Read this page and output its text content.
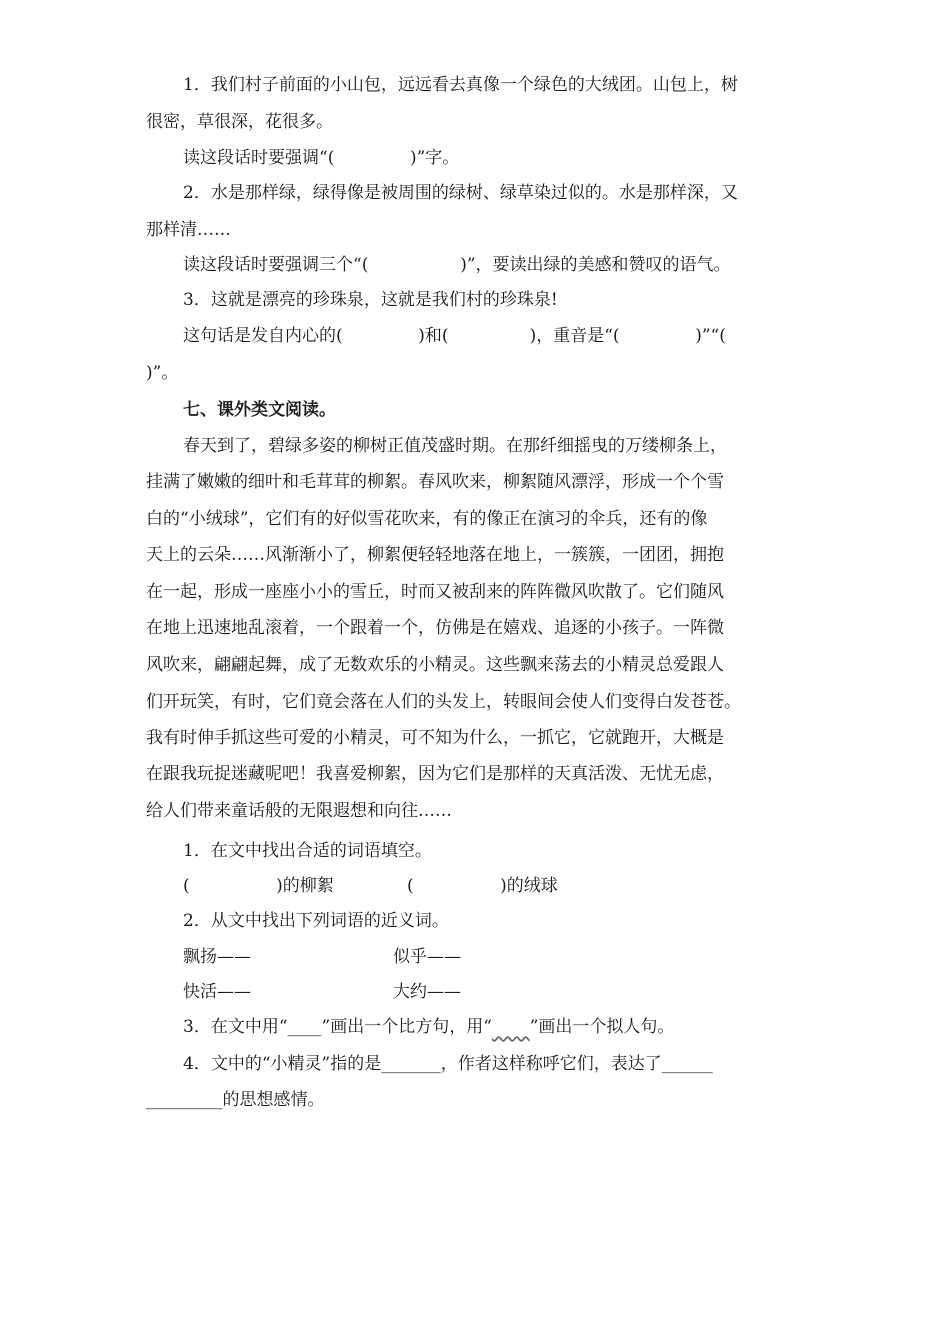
1．我们村子前面的小山包，远远看去真像一个绿色的大绒团。山包上，树
很密，草很深，花很多。
读这段话时要强调“(              )”字。
2．水是那样绿，绿得像是被周围的绿树、绿草染过似的。水是那样深，又
那样清……
读这段话时要强调三个“(                 )”，要读出绿的美感和赞叹的语气。
3．这就是漂亮的珍珠泉，这就是我们村的珍珠泉!
这句话是发自内心的(              )和(               )，重音是“(              )”“(
)”。
七、课外类文阅读。
春天到了，碧绿多姿的柳树正值茂盛时期。在那纤细摇曳的万缕柳条上，
挂满了嫩嫩的细叶和毛茸茸的柳絮。春风吹来，柳絮随风漂浮，形成一个个雪
白的“小绒球”，它们有的好似雪花吹来，有的像正在演习的伞兵，还有的像
天上的云朵……风渐渐小了，柳絮便轻轻地落在地上，一簇簇，一团团，拥抱
在一起，形成一座座小小的雪丘，时而又被刮来的阵阵微风吹散了。它们随风
在地上迅速地乱滚着，一个跟着一个，仿佛是在嬉戏、追逐的小孩子。一阵微
风吹来，翩翩起舞，成了无数欢乐的小精灵。这些飘来荡去的小精灵总爱跟人
们开玩笑，有时，它们竟会落在人们的头发上，转眼间会使人们变得白发苍苍。
我有时伸手抓这些可爱的小精灵，可不知为什么，一抓它，它就跑开，大概是
在跟我玩捉迷藏呢吧！我喜爱柳絮，因为它们是那样的天真活泼、无忧无虑，
给人们带来童话般的无限遐想和向往……
1．在文中找出合适的词语填空。
(                )的柳絮	(                )的绒球
2．从文中找出下列词语的近义词。
飘扬——	似乎——
快活——	大约——
3．在文中用“____”画出一个比方句，用“ ”画出一个拟人句。
4．文中的“小精灵”指的是_______，作者这样称呼它们，表达了______
_________的思想感情。
